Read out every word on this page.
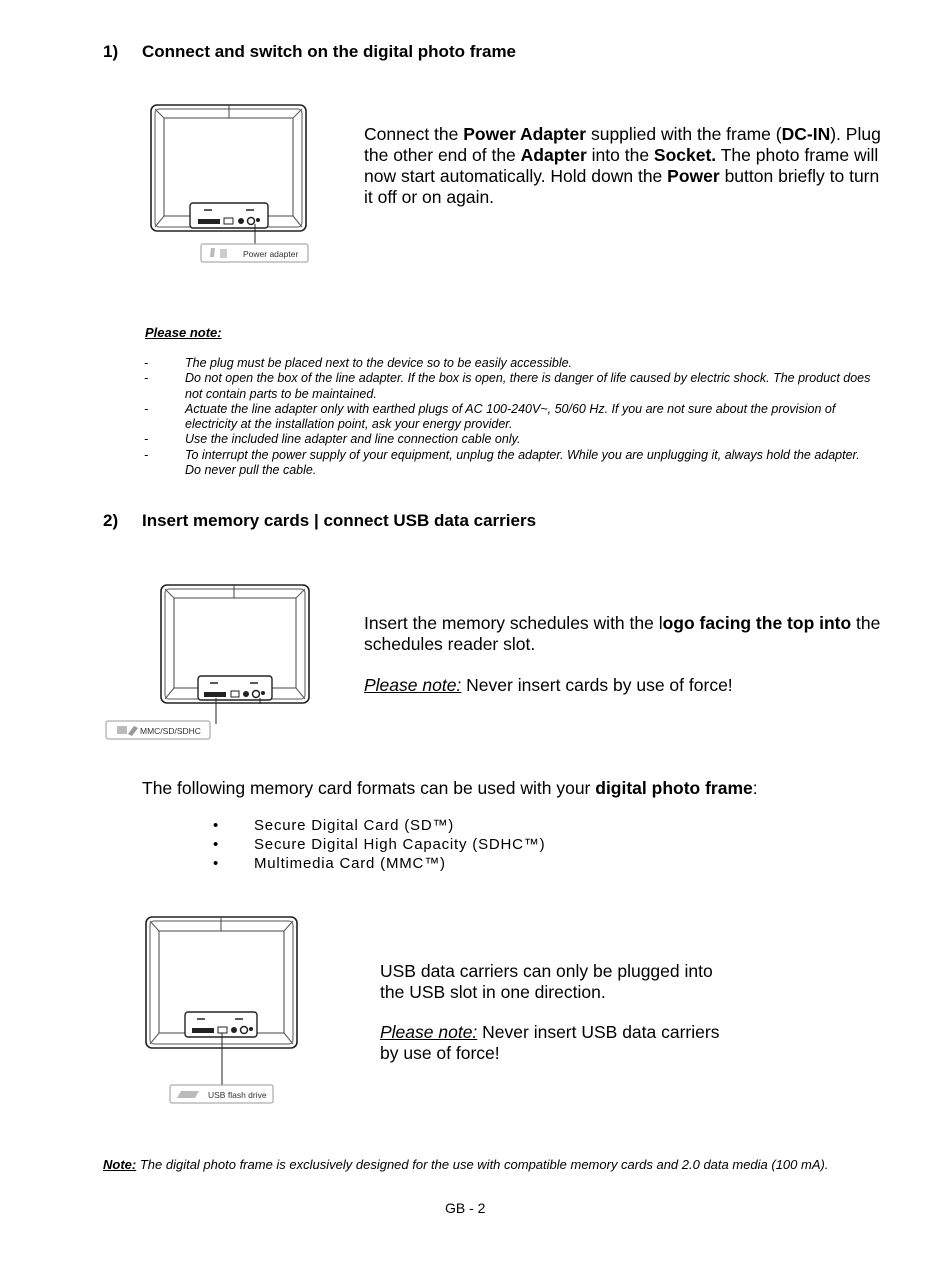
1) Connect and switch on the digital photo frame
Power adapter
Connect the Power Adapter supplied with the frame (DC-IN). Plug the other end of the Adapter into the Socket. The photo frame will now start automatically. Hold down the Power button briefly to turn it off or on again.
Please note:
-	The plug must be placed next to the device so to be easily accessible.
-	Do not open the box of the line adapter. If the box is open, there is danger of life caused by electric shock. The product does not contain parts to be maintained.
-	Actuate the line adapter only with earthed plugs of AC 100-240V~, 50/60 Hz. If you are not sure about the provision of electricity at the installation point, ask your energy provider.
-	Use the included line adapter and line connection cable only.
-	To interrupt the power supply of your equipment, unplug the adapter. While you are unplugging it, always hold the adapter. Do never pull the cable.
2) Insert memory cards | connect USB data carriers
MMC/SD/SDHC
Insert the memory schedules with the logo facing the top into the schedules reader slot.
Please note: Never insert cards by use of force!
The following memory card formats can be used with your digital photo frame:
•	Secure Digital Card (SD™)
•	Secure Digital High Capacity (SDHC™)
•	Multimedia Card (MMC™)
USB flash drive
USB data carriers can only be plugged into
the USB slot in one direction.
Please note: Never insert USB data carriers
by use of force!
Note: The digital photo frame is exclusively designed for the use with compatible memory cards and 2.0 data media (100 mA).
GB - 2
